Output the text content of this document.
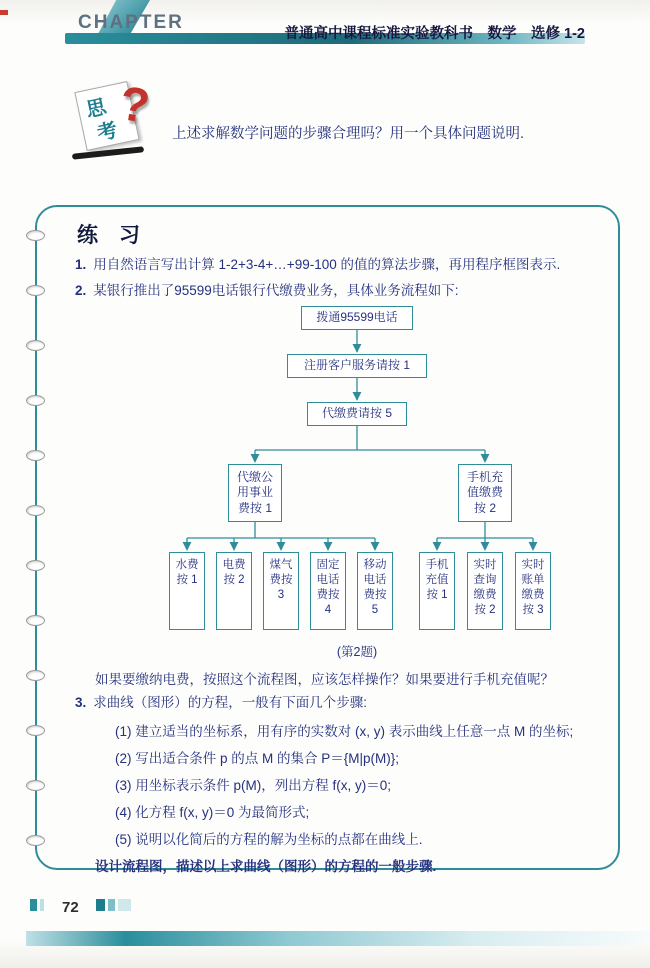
CHAPTER
普通高中课程标准实验教科书　数学　选修 1-2
思
考
?
上述求解数学问题的步骤合理吗？用一个具体问题说明.
练　习
1. 用自然语言写出计算 1-2+3-4+…+99-100 的值的算法步骤，再用程序框图表示.
2. 某银行推出了95599电话银行代缴费业务，具体业务流程如下:
拨通95599电话
注册客户服务请按 1
代缴费请按 5
代缴公用事业费按 1
手机充值缴费按 2
水费按 1
电费按 2
煤气费按 3
固定电话费按 4
移动电话费按 5
手机充值按 1
实时查询缴费按 2
实时账单缴费按 3
(第2题)
如果要缴纳电费，按照这个流程图，应该怎样操作？如果要进行手机充值呢？
3. 求曲线（图形）的方程，一般有下面几个步骤:
(1) 建立适当的坐标系，用有序的实数对 (x, y) 表示曲线上任意一点 M 的坐标;
(2) 写出适合条件 p 的点 M 的集合 P＝{M|p(M)};
(3) 用坐标表示条件 p(M)，列出方程 f(x, y)＝0;
(4) 化方程 f(x, y)＝0 为最简形式;
(5) 说明以化简后的方程的解为坐标的点都在曲线上.
设计流程图，描述以上求曲线（图形）的方程的一般步骤.
72
